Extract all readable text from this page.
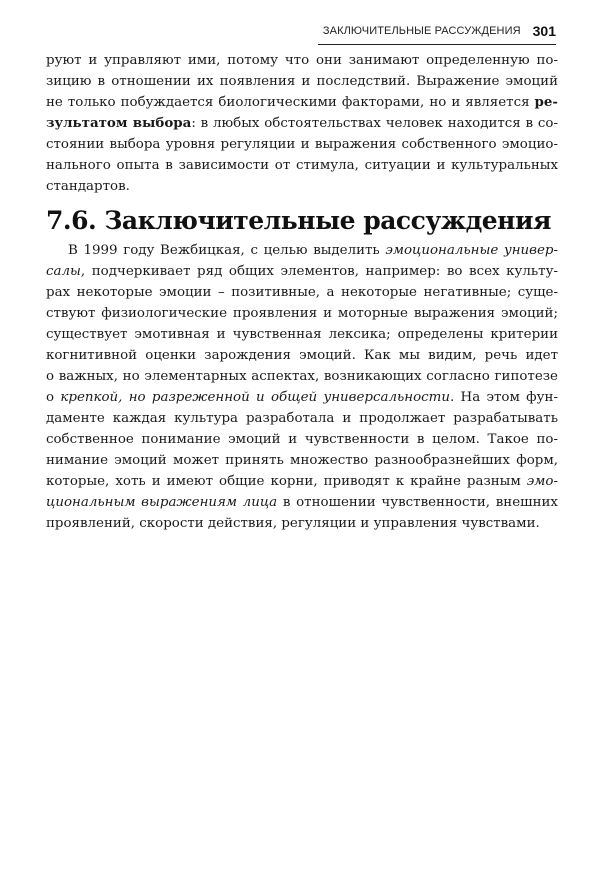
ЗАКЛЮЧИТЕЛЬНЫЕ РАССУЖДЕНИЯ 301

руют и управляют ими, потому что они занимают определенную по-
зицию в отношении их появления и последствий. Выражение эмоций
не только побуждается биологическими факторами, но и является ре-
зультатом выбора: в любых обстоятельствах человек находится в со-
стоянии выбора уровня регуляции и выражения собственного эмоцио-
нального опыта в зависимости от стимула, ситуации и культуральных
стандартов.

7.6. Заключительные рассуждения

В 1999 году Вежбицкая, с целью выделить эмоциональные универ-
салы, подчеркивает ряд общих элементов, например: во всех культу-
рах некоторые эмоции – позитивные, а некоторые негативные; суще-
ствуют физиологические проявления и моторные выражения эмоций;
существует эмотивная и чувственная лексика; определены критерии
когнитивной оценки зарождения эмоций. Как мы видим, речь идет
о важных, но элементарных аспектах, возникающих согласно гипотезе
о крепкой, но разреженной и общей универсальности. На этом фун-
даменте каждая культура разработала и продолжает разрабатывать
собственное понимание эмоций и чувственности в целом. Такое по-
нимание эмоций может принять множество разнообразнейших форм,
которые, хоть и имеют общие корни, приводят к крайне разным эмо-
циональным выражениям лица в отношении чувственности, внешних
проявлений, скорости действия, регуляции и управления чувствами.
